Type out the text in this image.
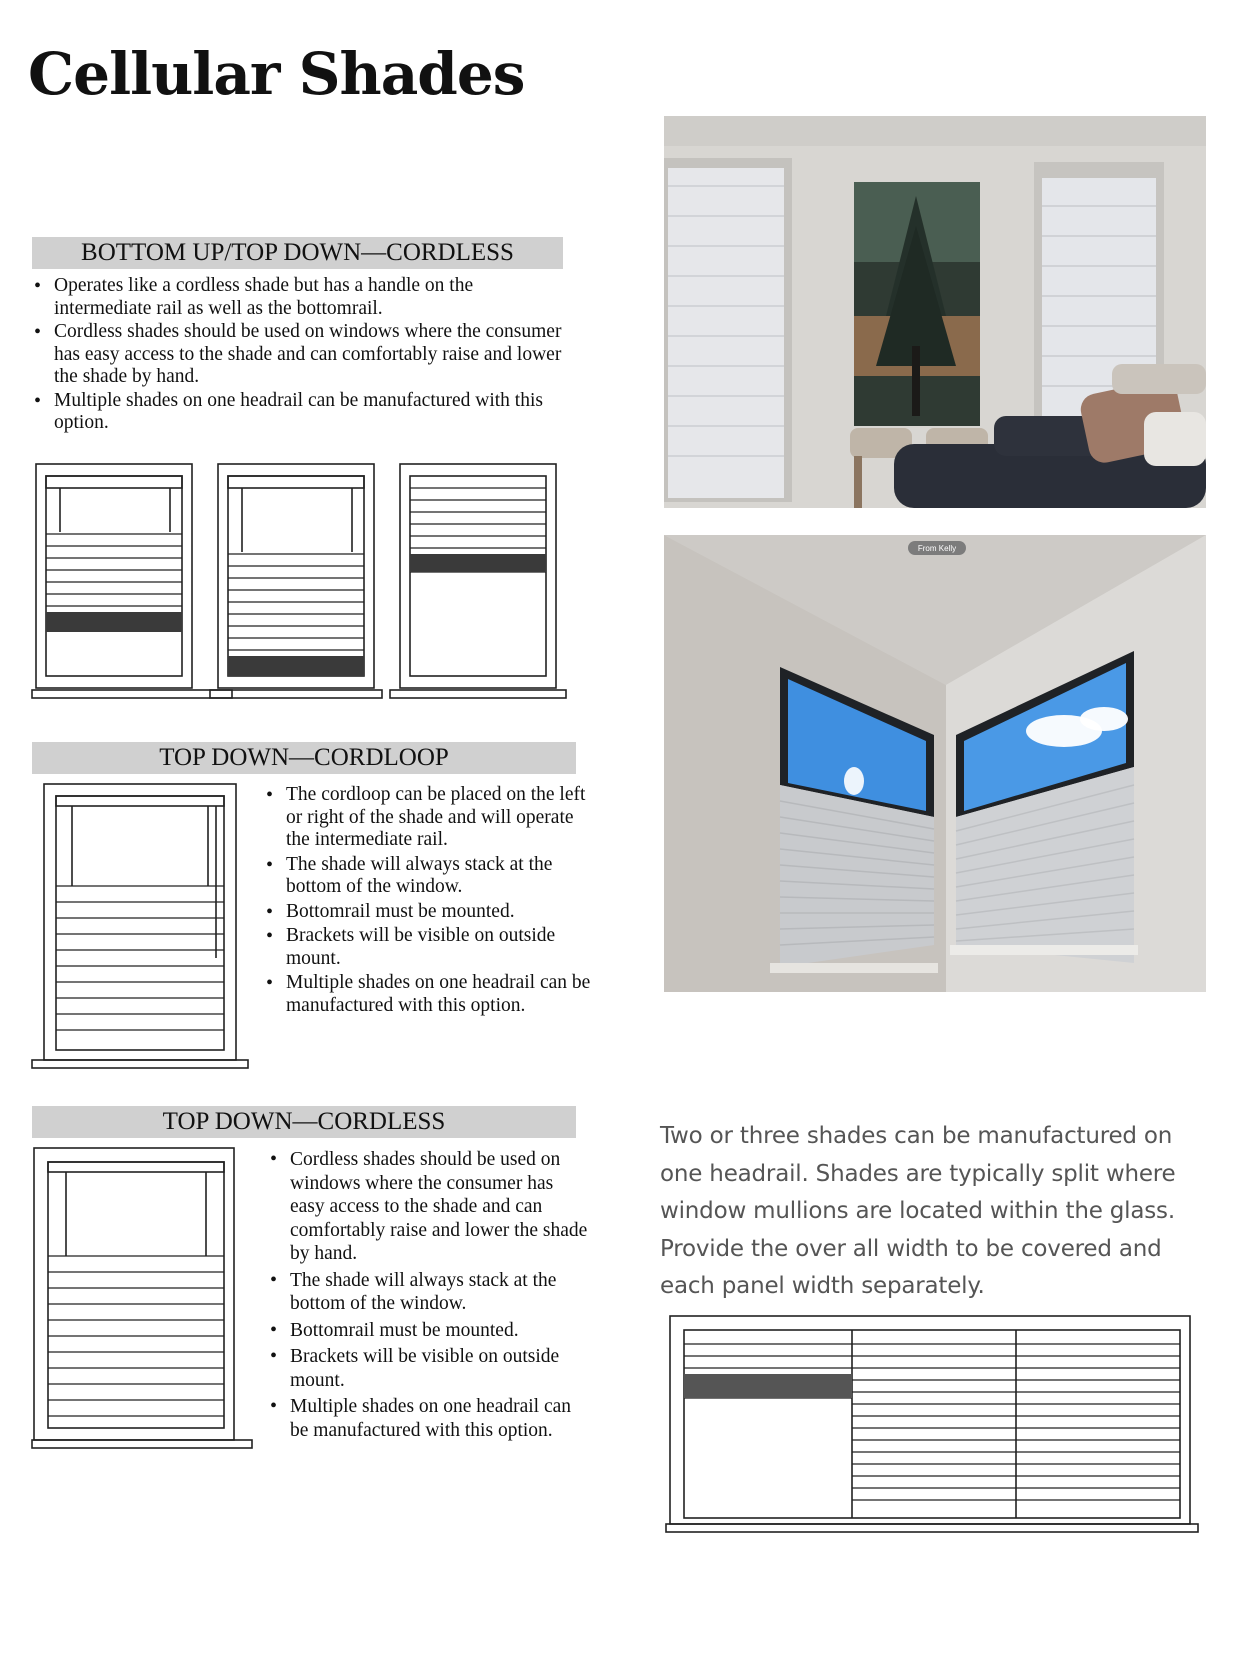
Cellular Shades
BOTTOM UP/TOP DOWN—CORDLESS
• Operates like a cordless shade but has a handle on the intermediate rail as well as the bottomrail.
• Cordless shades should be used on windows where the consumer has easy access to the shade and can comfortably raise and lower the shade by hand.
• Multiple shades on one headrail can be manufactured with this option.
TOP DOWN—CORDLOOP
• The cordloop can be placed on the left or right of the shade and will operate the intermediate rail.
• The shade will always stack at the bottom of the window.
• Bottomrail must be mounted.
• Brackets will be visible on outside mount.
• Multiple shades on one headrail can be manufactured with this option.
TOP DOWN—CORDLESS
• Cordless shades should be used on windows where the consumer has easy access to the shade and can comfortably raise and lower the shade by hand.
• The shade will always stack at the bottom of the window.
• Bottomrail must be mounted.
• Brackets will be visible on outside mount.
• Multiple shades on one headrail can be manufactured with this option.
From Kelly

Two or three shades can be manufactured on one headrail. Shades are typically split where window mullions are located within the glass. Provide the over all width to be covered and each panel width separately.
